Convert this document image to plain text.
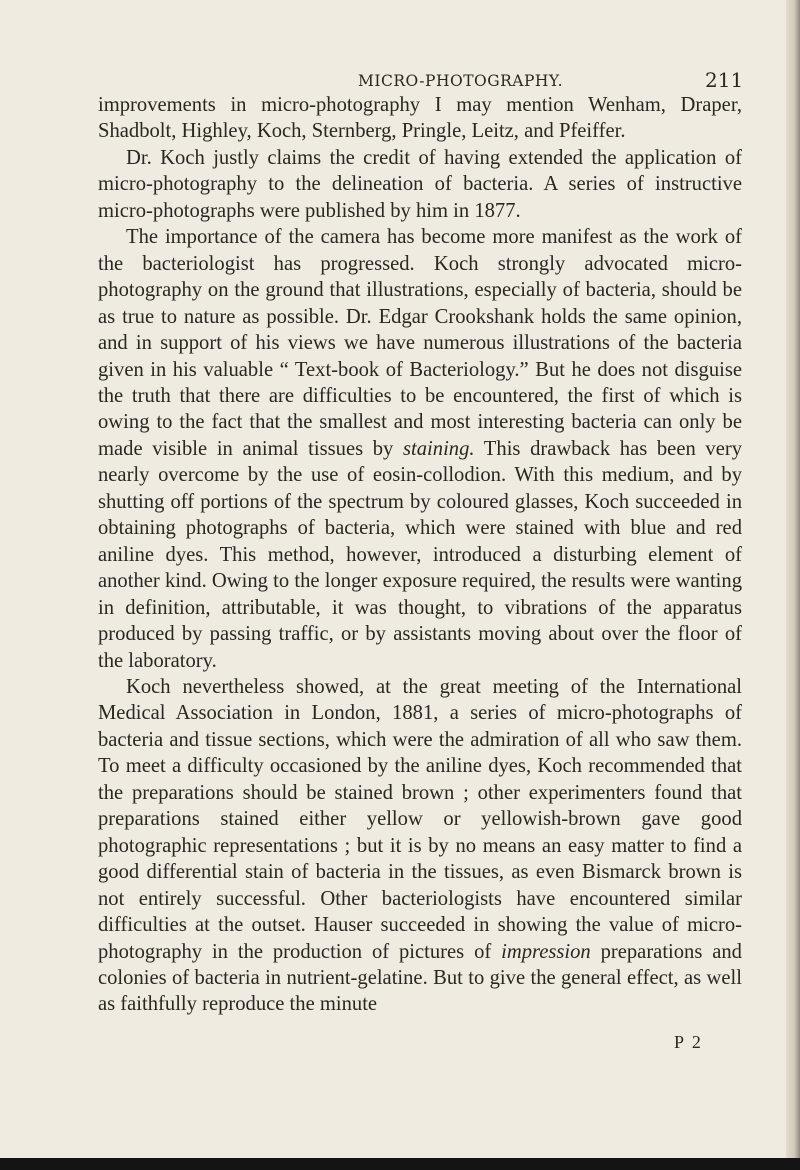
MICRO-PHOTOGRAPHY.	211

improvements in micro-photography I may mention Wenham, Draper, Shadbolt, Highley, Koch, Sternberg, Pringle, Leitz, and Pfeiffer.

Dr. Koch justly claims the credit of having extended the application of micro-photography to the delineation of bacteria. A series of instructive micro-photographs were published by him in 1877.

The importance of the camera has become more manifest as the work of the bacteriologist has progressed. Koch strongly advocated micro-photography on the ground that illustrations, especially of bacteria, should be as true to nature as possible. Dr. Edgar Crookshank holds the same opinion, and in support of his views we have numerous illustrations of the bacteria given in his valuable “ Text-book of Bacteriology.” But he does not disguise the truth that there are difficulties to be encountered, the first of which is owing to the fact that the smallest and most interesting bacteria can only be made visible in animal tissues by staining. This drawback has been very nearly overcome by the use of eosin-collodion. With this medium, and by shutting off portions of the spectrum by coloured glasses, Koch succeeded in obtaining photographs of bacteria, which were stained with blue and red aniline dyes. This method, however, introduced a disturbing element of another kind. Owing to the longer exposure required, the results were wanting in definition, attributable, it was thought, to vibrations of the apparatus produced by passing traffic, or by assistants moving about over the floor of the laboratory.

Koch nevertheless showed, at the great meeting of the International Medical Association in London, 1881, a series of micro-photographs of bacteria and tissue sections, which were the admiration of all who saw them. To meet a difficulty occasioned by the aniline dyes, Koch recommended that the preparations should be stained brown ; other experimenters found that preparations stained either yellow or yellowish-brown gave good photographic representations ; but it is by no means an easy matter to find a good differential stain of bacteria in the tissues, as even Bismarck brown is not entirely successful. Other bacteriologists have encountered similar difficulties at the outset. Hauser succeeded in showing the value of micro-photography in the production of pictures of impression preparations and colonies of bacteria in nutrient-gelatine. But to give the general effect, as well as faithfully reproduce the minute

P 2
